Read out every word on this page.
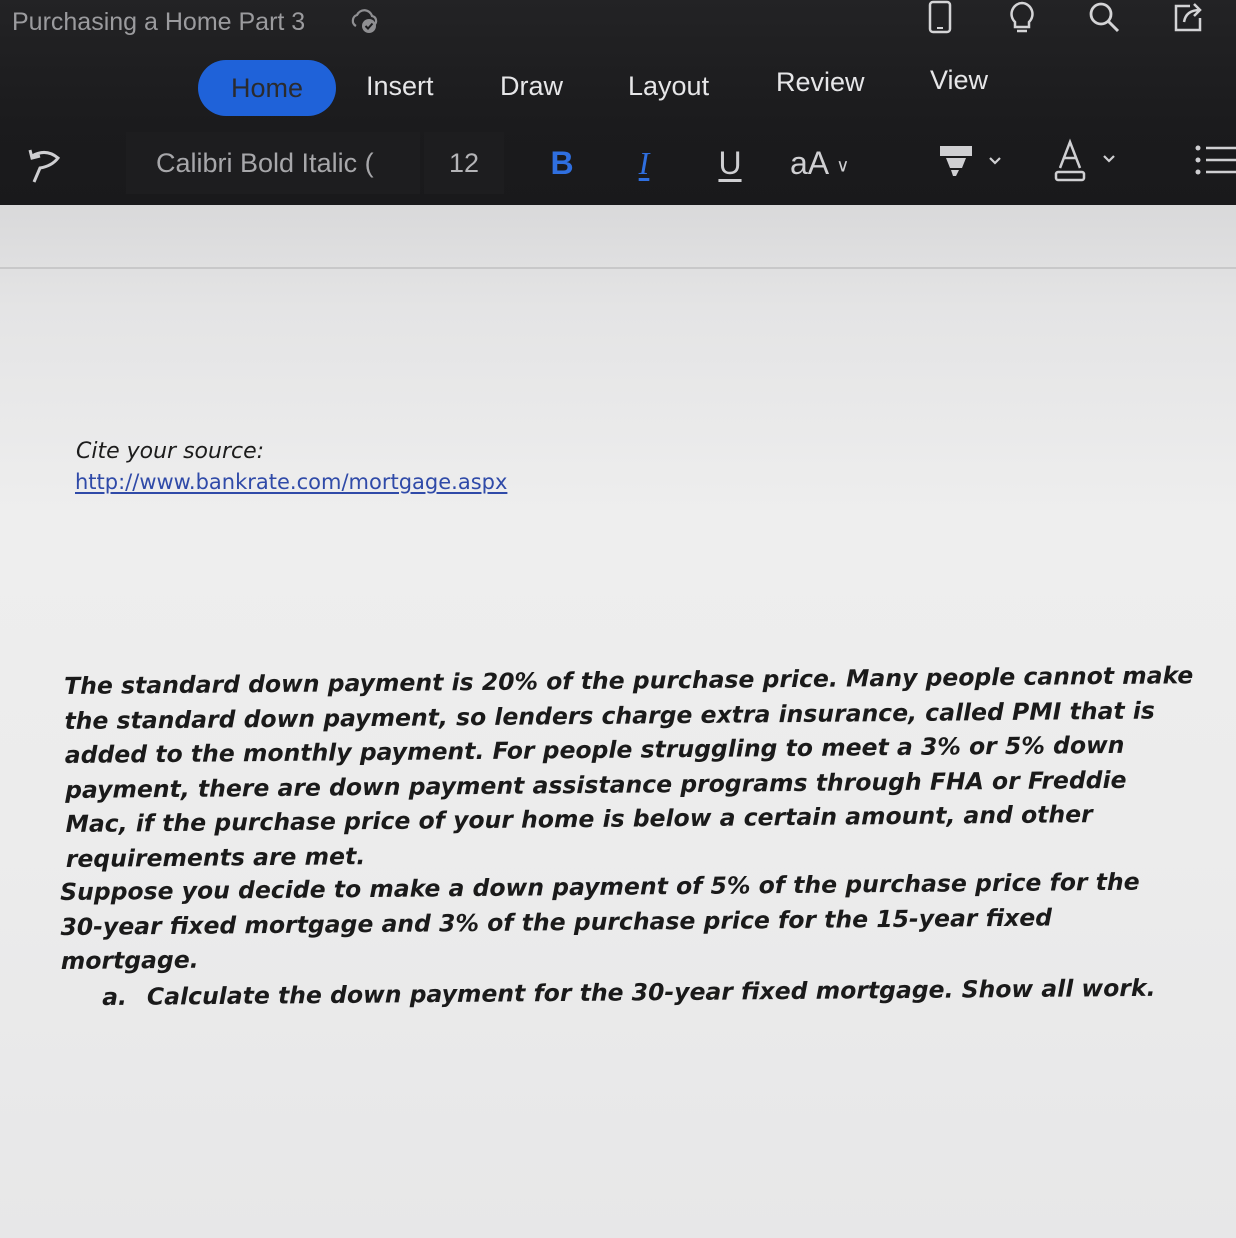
Purchasing a Home Part 3
Home	Insert Draw Layout Review View
Calibri Bold Italic (	12	B	I	U	aA ∨
Cite your source:
http://www.bankrate.com/mortgage.aspx
The standard down payment is 20% of the purchase price. Many people cannot make the standard down payment, so lenders charge extra insurance, called PMI that is added to the monthly payment. For people struggling to meet a 3% or 5% down payment, there are down payment assistance programs through FHA or Freddie Mac, if the purchase price of your home is below a certain amount, and other requirements are met.
Suppose you decide to make a down payment of 5% of the purchase price for the 30-year fixed mortgage and 3% of the purchase price for the 15-year fixed mortgage.
a. Calculate the down payment for the 30-year fixed mortgage. Show all work.
